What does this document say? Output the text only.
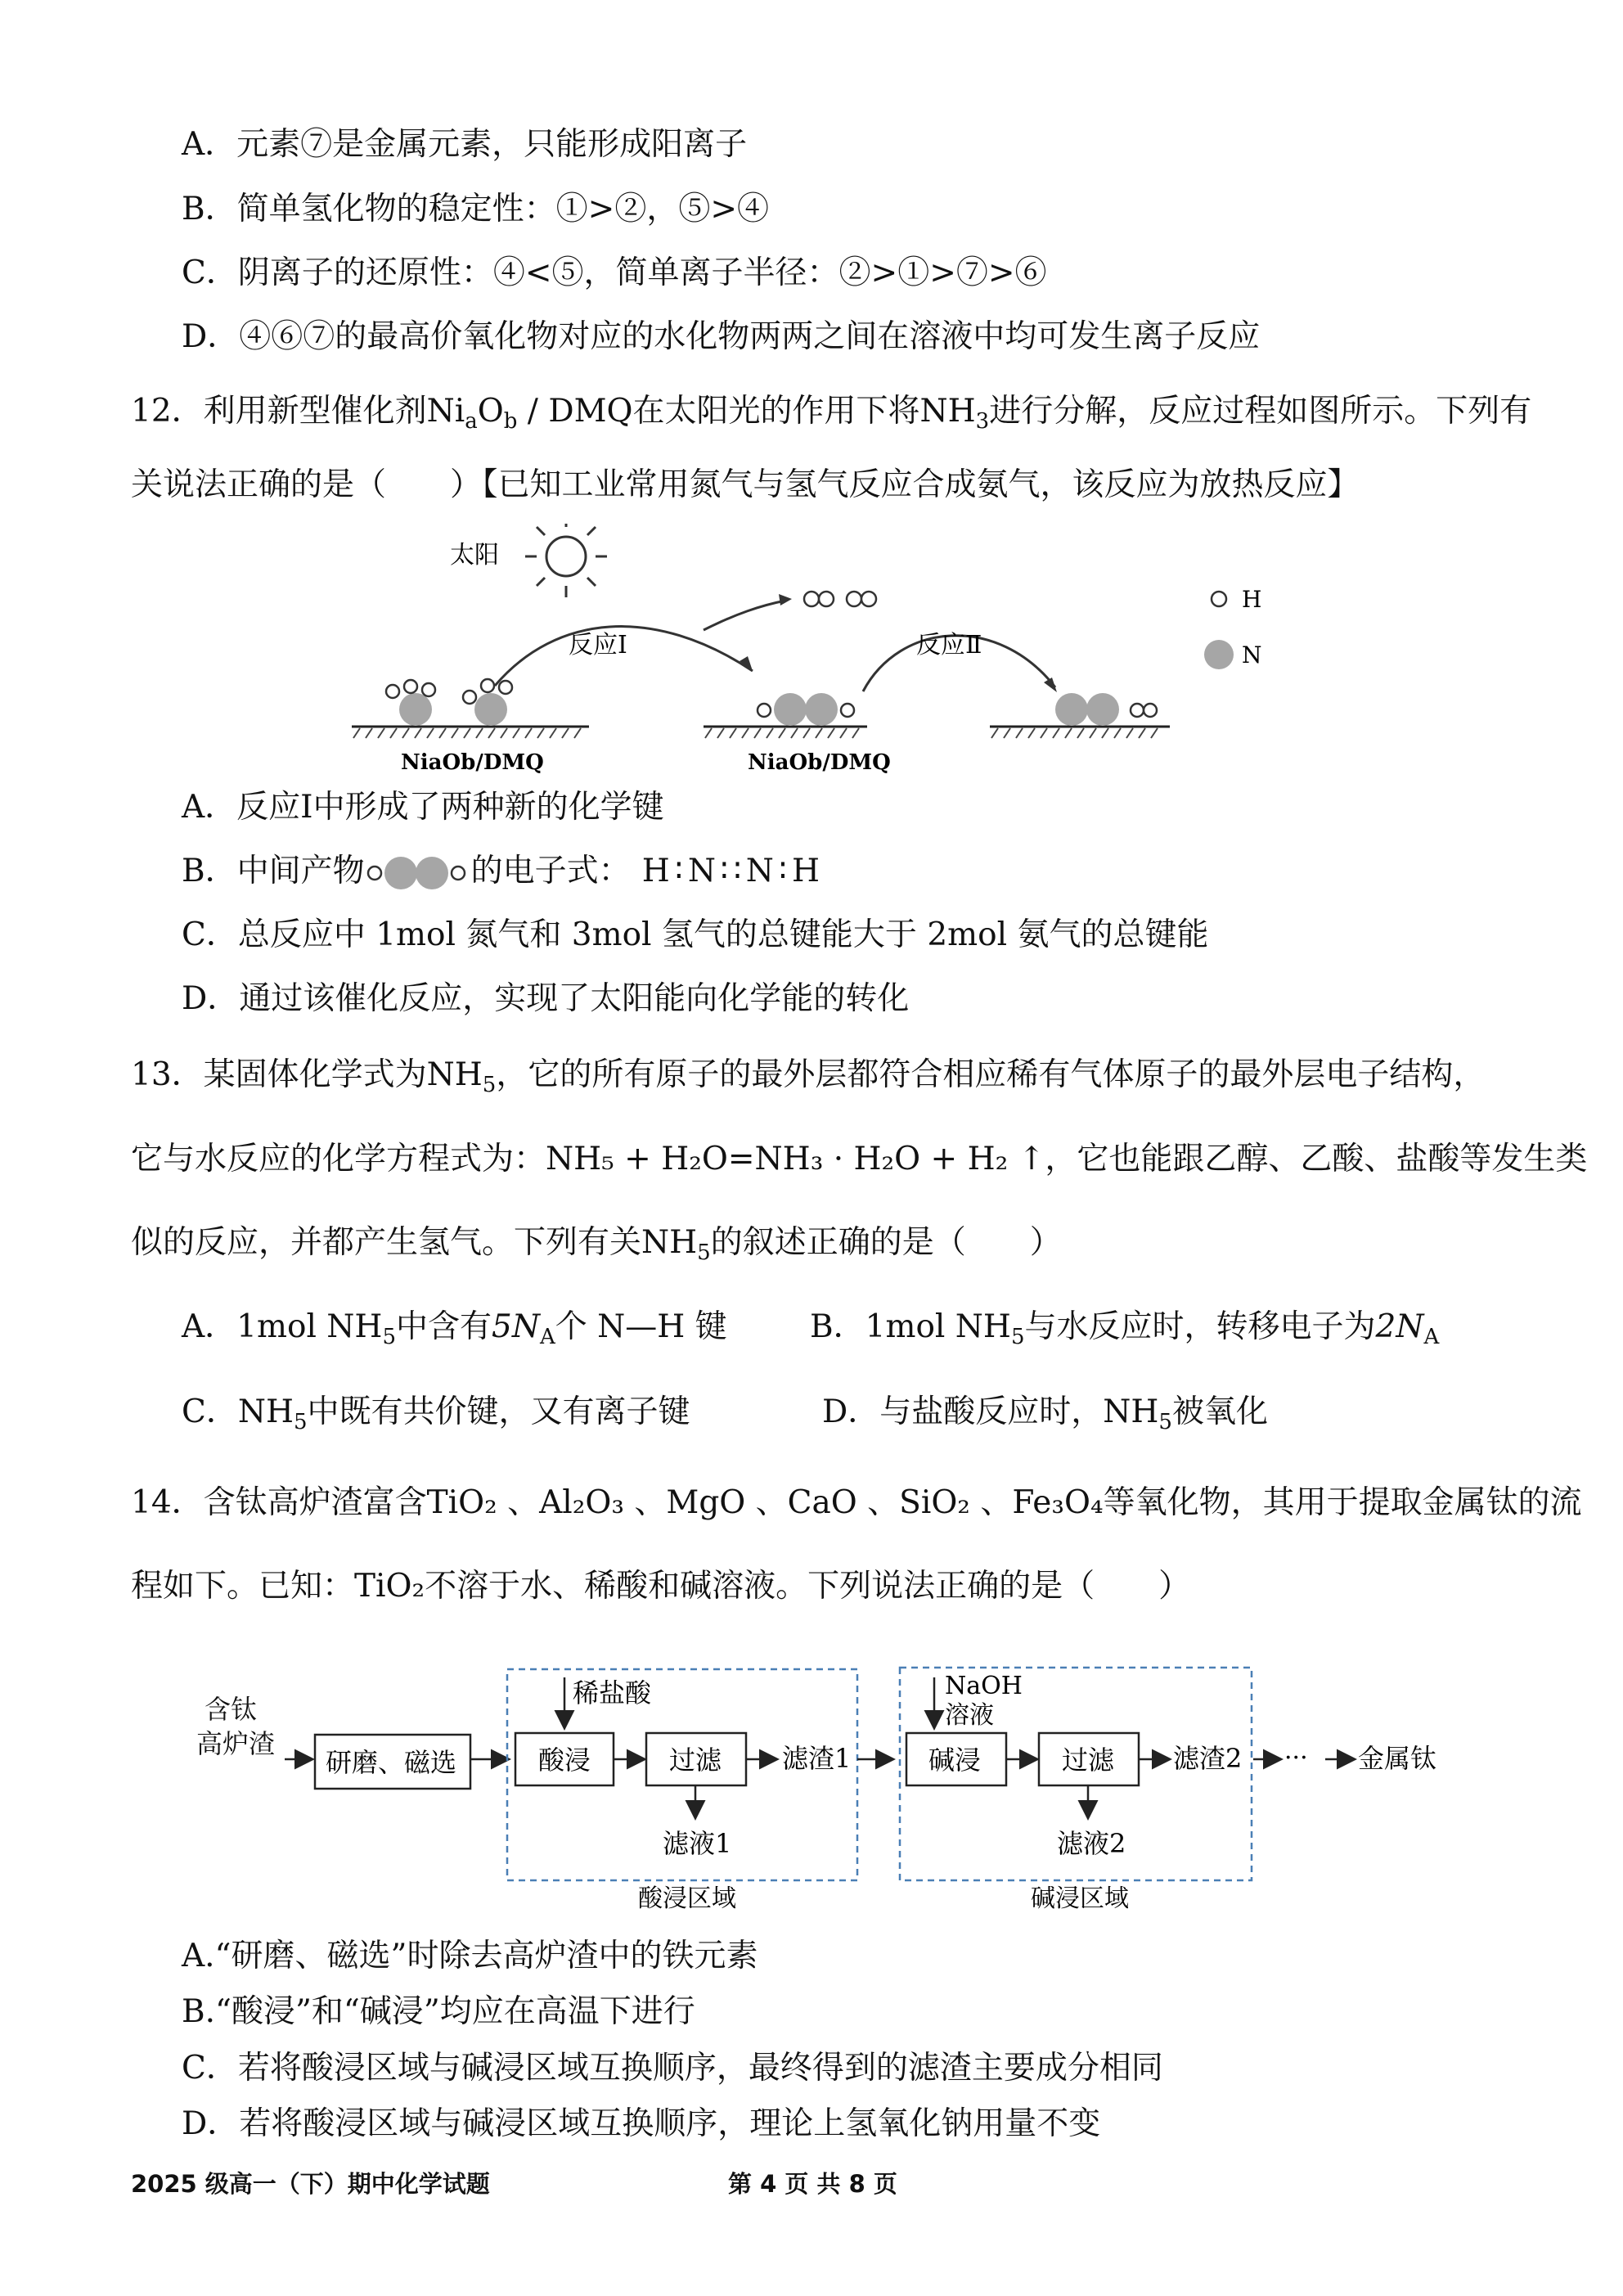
A．元素⑦是金属元素，只能形成阳离子
B．简单氢化物的稳定性：①>②，⑤>④
C．阴离子的还原性：④<⑤，简单离子半径：②>①>⑦>⑥
D．④⑥⑦的最高价氧化物对应的水化物两两之间在溶液中均可发生离子反应
12．利用新型催化剂$Ni_aO_b$ / DMQ在太阳光的作用下将$NH_3$进行分解，反应过程如图所示。下列有
关说法正确的是（　　）【已知工业常用氮气与氢气反应合成氨气，该反应为放热反应】
太阳
反应Ⅰ	反应Ⅱ
H
N
NiaOb/DMQ	NiaOb/DMQ
A．反应Ⅰ中形成了两种新的化学键
B．中间产物	的电子式： H∶N∷N∶H
C．总反应中 1mol 氮气和 3mol 氢气的总键能大于 2mol 氨气的总键能
D．通过该催化反应，实现了太阳能向化学能的转化
13．某固体化学式为$NH_5$，它的所有原子的最外层都符合相应稀有气体原子的最外层电子结构，
它与水反应的化学方程式为：NH₅ + H₂O=NH₃ · H₂O + H₂ ↑，它也能跟乙醇、乙酸、盐酸等发生类
似的反应，并都产生氢气。下列有关$NH_5$的叙述正确的是（　　）
A．1mol $NH_5$中含有$5N_A$个 N—H 键	B．1mol $NH_5$与水反应时，转移电子为$2N_A$
C．$NH_5$中既有共价键，又有离子键	D．与盐酸反应时，$NH_5$被氧化
14．含钛高炉渣富含TiO₂ 、Al₂O₃ 、MgO 、CaO 、SiO₂ 、Fe₃O₄等氧化物，其用于提取金属钛的流
程如下。已知：TiO₂不溶于水、稀酸和碱溶液。下列说法正确的是（　　）
含钛
高炉渣
研磨、磁选
稀盐酸
酸浸	过滤 滤渣1
滤液1
酸浸区域
NaOH
溶液
碱浸	过滤
滤液2
滤渣2
碱浸区域
··· 金属钛
A.“研磨、磁选”时除去高炉渣中的铁元素
B.“酸浸”和“碱浸”均应在高温下进行
C．若将酸浸区域与碱浸区域互换顺序，最终得到的滤渣主要成分相同
D．若将酸浸区域与碱浸区域互换顺序，理论上氢氧化钠用量不变
2025 级高一（下）期中化学试题	第 4 页 共 8 页
